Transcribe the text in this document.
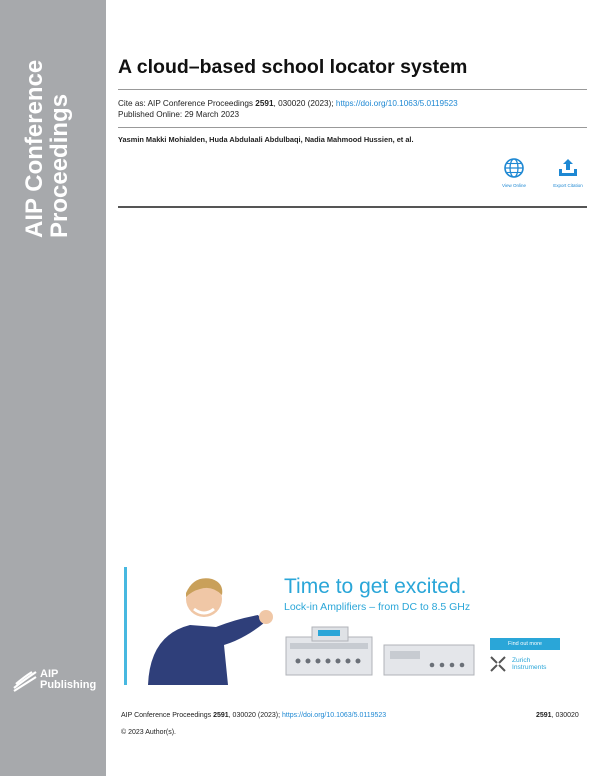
AIP Conference
Proceedings
AIP
Publishing
A cloud–based school locator system
Cite as: AIP Conference Proceedings 2591, 030020 (2023); https://doi.org/10.1063/5.0119523
Published Online: 29 March 2023
Yasmin Makki Mohialden, Huda Abdulaali Abdulbaqi, Nadia Mahmood Hussien, et al.
View Online	Export Citation
Time to get excited.
Lock-in Amplifiers – from DC to 8.5 GHz
Find out more
Zurich
Instruments
AIP Conference Proceedings 2591, 030020 (2023); https://doi.org/10.1063/5.0119523	2591, 030020
© 2023 Author(s).
